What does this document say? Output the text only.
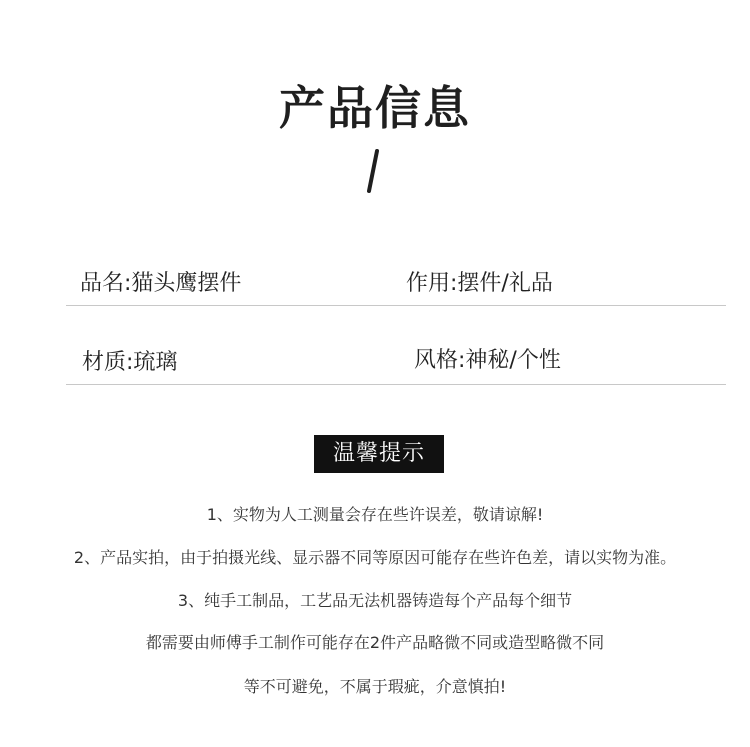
产品信息
品名:猫头鹰摆件	作用:摆件/礼品
材质:琉璃	风格:神秘/个性
温馨提示
1、实物为人工测量会存在些许误差，敬请谅解!
2、产品实拍，由于拍摄光线、显示器不同等原因可能存在些许色差，请以实物为准。
3、纯手工制品，工艺品无法机器铸造每个产品每个细节
都需要由师傅手工制作可能存在2件产品略微不同或造型略微不同
等不可避免，不属于瑕疵，介意慎拍!
